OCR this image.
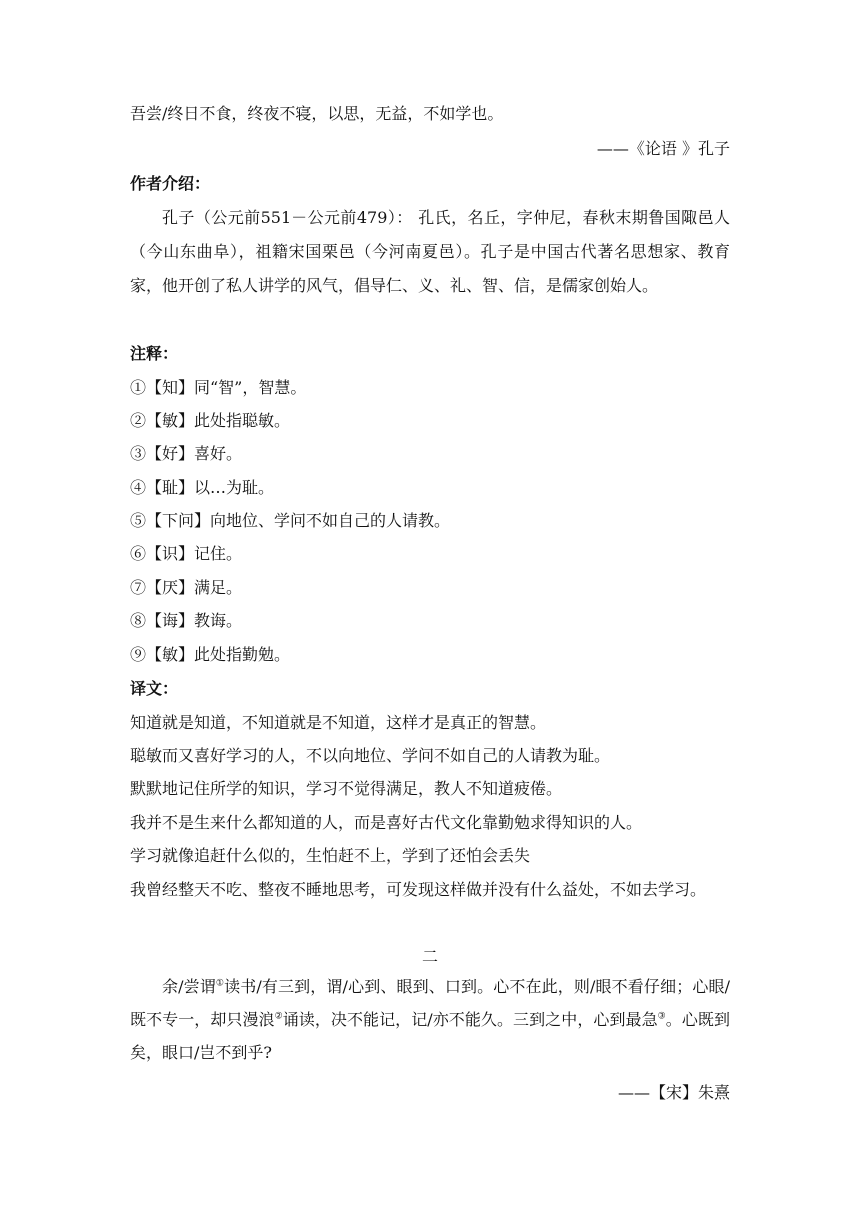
吾尝/终日不食，终夜不寝，以思，无益，不如学也。
——《论语 》孔子
作者介绍：
孔子（公元前551－公元前479）： 孔氏，名丘，字仲尼，春秋末期鲁国陬邑人（今山东曲阜），祖籍宋国栗邑（今河南夏邑）。孔子是中国古代著名思想家、教育家，他开创了私人讲学的风气，倡导仁、义、礼、智、信，是儒家创始人。
注释：
①【知】同“智”，智慧。
②【敏】此处指聪敏。
③【好】喜好。
④【耻】以…为耻。
⑤【下问】向地位、学问不如自己的人请教。
⑥【识】记住。
⑦【厌】满足。
⑧【诲】教诲。
⑨【敏】此处指勤勉。
译文：
知道就是知道，不知道就是不知道，这样才是真正的智慧。
聪敏而又喜好学习的人，不以向地位、学问不如自己的人请教为耻。
默默地记住所学的知识，学习不觉得满足，教人不知道疲倦。
我并不是生来什么都知道的人，而是喜好古代文化靠勤勉求得知识的人。
学习就像追赶什么似的，生怕赶不上，学到了还怕会丢失
我曾经整天不吃、整夜不睡地思考，可发现这样做并没有什么益处，不如去学习。
二
余/尝谓①读书/有三到，谓/心到、眼到、口到。心不在此，则/眼不看仔细；心眼/既不专一，却只漫浪②诵读，决不能记，记/亦不能久。三到之中，心到最急③。心既到矣，眼口/岂不到乎?
——【宋】朱熹
